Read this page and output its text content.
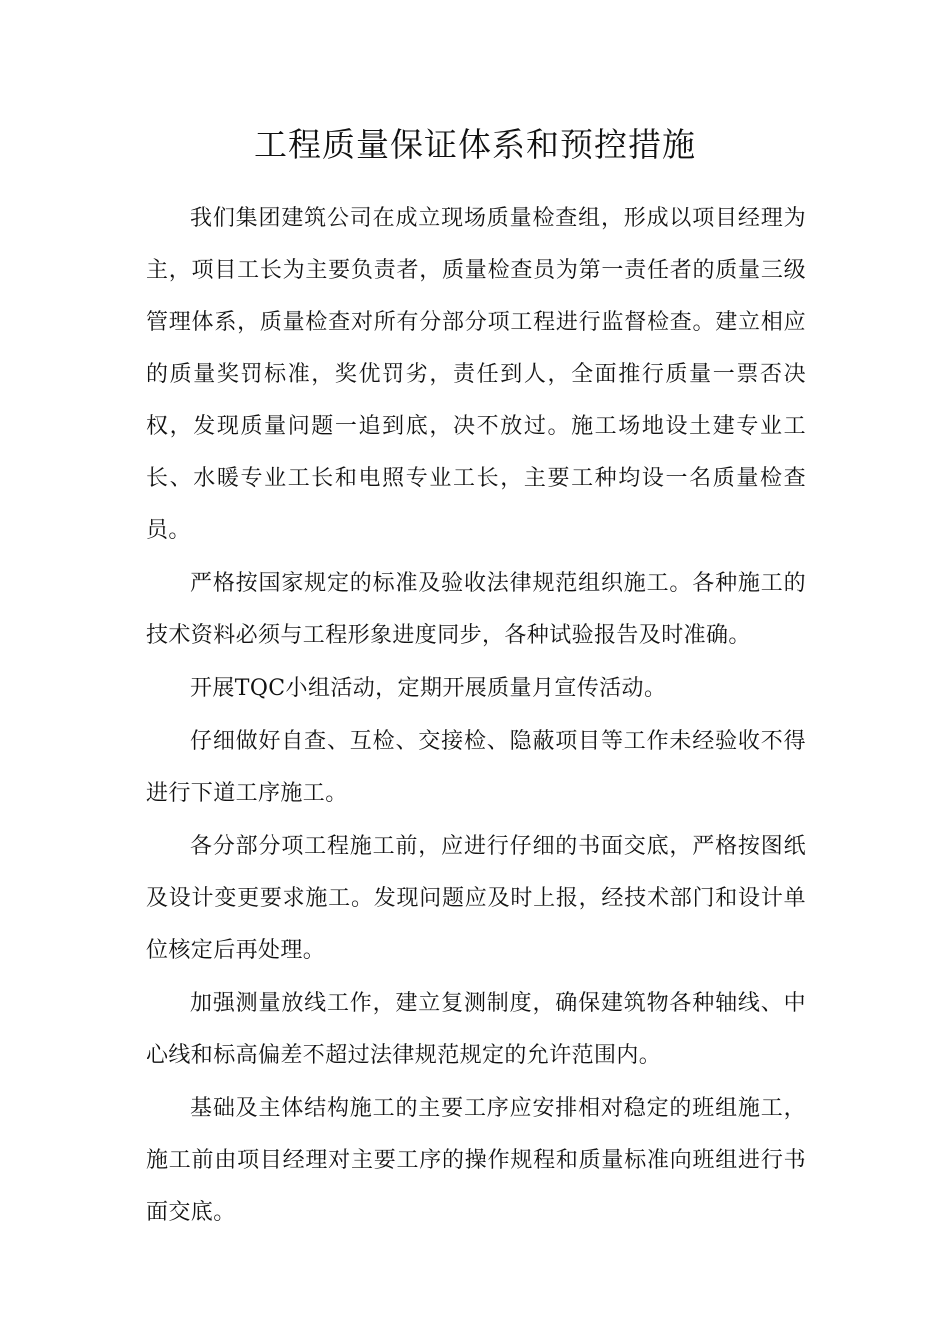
工程质量保证体系和预控措施

我们集团建筑公司在成立现场质量检查组，形成以项目经理为主，项目工长为主要负责者，质量检查员为第一责任者的质量三级管理体系，质量检查对所有分部分项工程进行监督检查。建立相应的质量奖罚标准，奖优罚劣，责任到人，全面推行质量一票否决权，发现质量问题一追到底，决不放过。施工场地设土建专业工长、水暖专业工长和电照专业工长，主要工种均设一名质量检查员。

严格按国家规定的标准及验收法律规范组织施工。各种施工的技术资料必须与工程形象进度同步，各种试验报告及时准确。

开展TQC小组活动，定期开展质量月宣传活动。

仔细做好自查、互检、交接检、隐蔽项目等工作未经验收不得进行下道工序施工。

各分部分项工程施工前，应进行仔细的书面交底，严格按图纸及设计变更要求施工。发现问题应及时上报，经技术部门和设计单位核定后再处理。

加强测量放线工作，建立复测制度，确保建筑物各种轴线、中心线和标高偏差不超过法律规范规定的允许范围内。

基础及主体结构施工的主要工序应安排相对稳定的班组施工，施工前由项目经理对主要工序的操作规程和质量标准向班组进行书面交底。
